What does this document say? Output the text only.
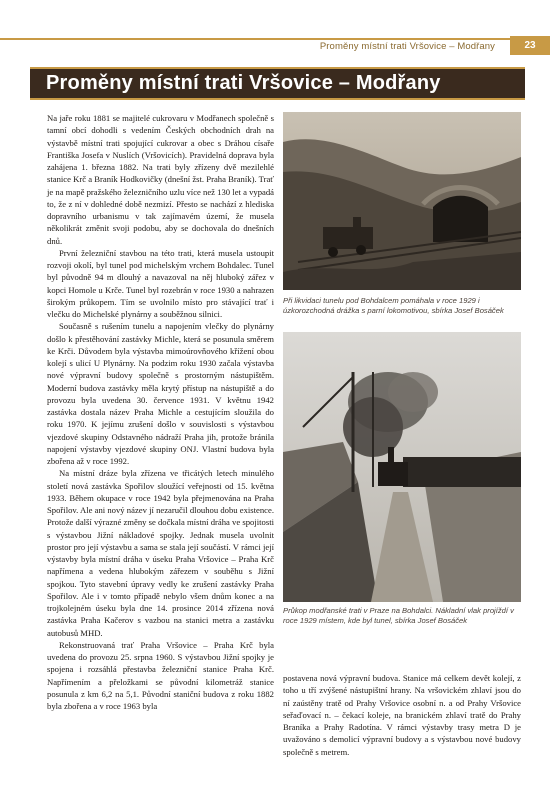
Proměny místní trati Vršovice – Modřany	23
Proměny místní trati Vršovice – Modřany

Na jaře roku 1881 se majitelé cukrovaru v Modřanech společně s tamní obcí dohodli s vedením Českých obchodních drah na výstavbě místní trati spojující cukrovar a obec s Dráhou císaře Františka Josefa v Nuslích (Vršovicích). Pravidelná doprava byla zahájena 1. března 1882. Na trati byly zřízeny dvě mezilehlé stanice Krč a Braník Hodkovičky (dnešní žst. Praha Braník). Trať je na mapě pražského železničního uzlu více než 130 let a vypadá to, že z ní v dohledné době nezmizí. Přesto se nachází z hlediska dopravního urbanismu v tak zajímavém území, že musela několikrát změnit svoji podobu, aby se dochovala do dnešních dnů.

První železniční stavbou na této trati, která musela ustoupit rozvoji okolí, byl tunel pod michelským vrchem Bohdalec. Tunel byl původně 94 m dlouhý a navazoval na něj hluboký zářez v kopci Homole u Krče. Tunel byl rozebrán v roce 1930 a nahrazen širokým průkopem. Tím se uvolnilo místo pro stávající trať i vlečku do Michelské plynárny a souběžnou silnici.

Současně s rušením tunelu a napojením vlečky do plynárny došlo k přestěhování zastávky Michle, která se posunula směrem ke Krči. Důvodem byla výstavba mimoúrovňového křížení obou kolejí s ulicí U Plynárny. Na podzim roku 1930 začala výstavba nové výpravní budovy společně s prostorným nástupištěm. Moderní budova zastávky měla krytý přístup na nástupiště a do provozu byla uvedena 30. července 1931. V květnu 1942 zastávka dostala název Praha Michle a cestujícím sloužila do roku 1970. K jejímu zrušení došlo v souvislosti s výstavbou vjezdové skupiny Odstavného nádraží Praha jih, protože bránila napojení výstavby vjezdové skupiny ONJ. Vlastní budova byla zbořena až v roce 1992.

Na místní dráze byla zřízena ve třicátých letech minulého století nová zastávka Spořilov sloužící veřejnosti od 15. května 1933. Během okupace v roce 1942 byla přejmenována na Praha Spořilov. Ale ani nový název jí nezaručil dlouhou dobu existence. Protože další výrazné změny se dočkala místní dráha ve spojitosti s výstavbou Jižní nákladové spojky. Jednak musela uvolnit prostor pro její výstavbu a sama se stala její součástí. V rámci její výstavby byla místní dráha v úseku Praha Vršovice – Praha Krč napřímena a vedena hlubokým zářezem v souběhu s Jižní spojkou. Tyto stavební úpravy vedly ke zrušení zastávky Praha Spořilov. Ale i v tomto případě nebylo všem dnům konec a na trojkolejném úseku byla dne 14. prosince 2014 zřízena nová zastávka Praha Kačerov s vazbou na stanici metra a zastávku autobusů MHD.

Rekonstruovaná trať Praha Vršovice – Praha Krč byla uvedena do provozu 25. srpna 1960. S výstavbou Jižní spojky je spojena i rozsáhlá přestavba železniční stanice Praha Krč. Napřímením a přeložkami se původní kilometráž stanice posunula z km 6,2 na 5,1. Původní staniční budova z roku 1882 byla zbořena a v roce 1963 byla

Při likvidaci tunelu pod Bohdalcem pomáhala v roce 1929 i úzkorozchodná drážka s parní lokomotivou, sbírka Josef Bosáček
Průkop modřanské trati v Praze na Bohdalci. Nákladní vlak projíždí v roce 1929 místem, kde byl tunel, sbírka Josef Bosáček

postavena nová výpravní budova. Stanice má celkem devět kolejí, z toho u tří zvýšené nástupištní hrany. Na vršovickém zhlaví jsou do ní zaústěny tratě od Prahy Vršovice osobní n. a od Prahy Vršovice seřaďovací n. – čekací koleje, na branickém zhlaví tratě do Prahy Braníka a Prahy Radotína. V rámci výstavby trasy metra D je uvažováno s demolicí výpravní budovy a s výstavbou nové budovy společně s metrem.
